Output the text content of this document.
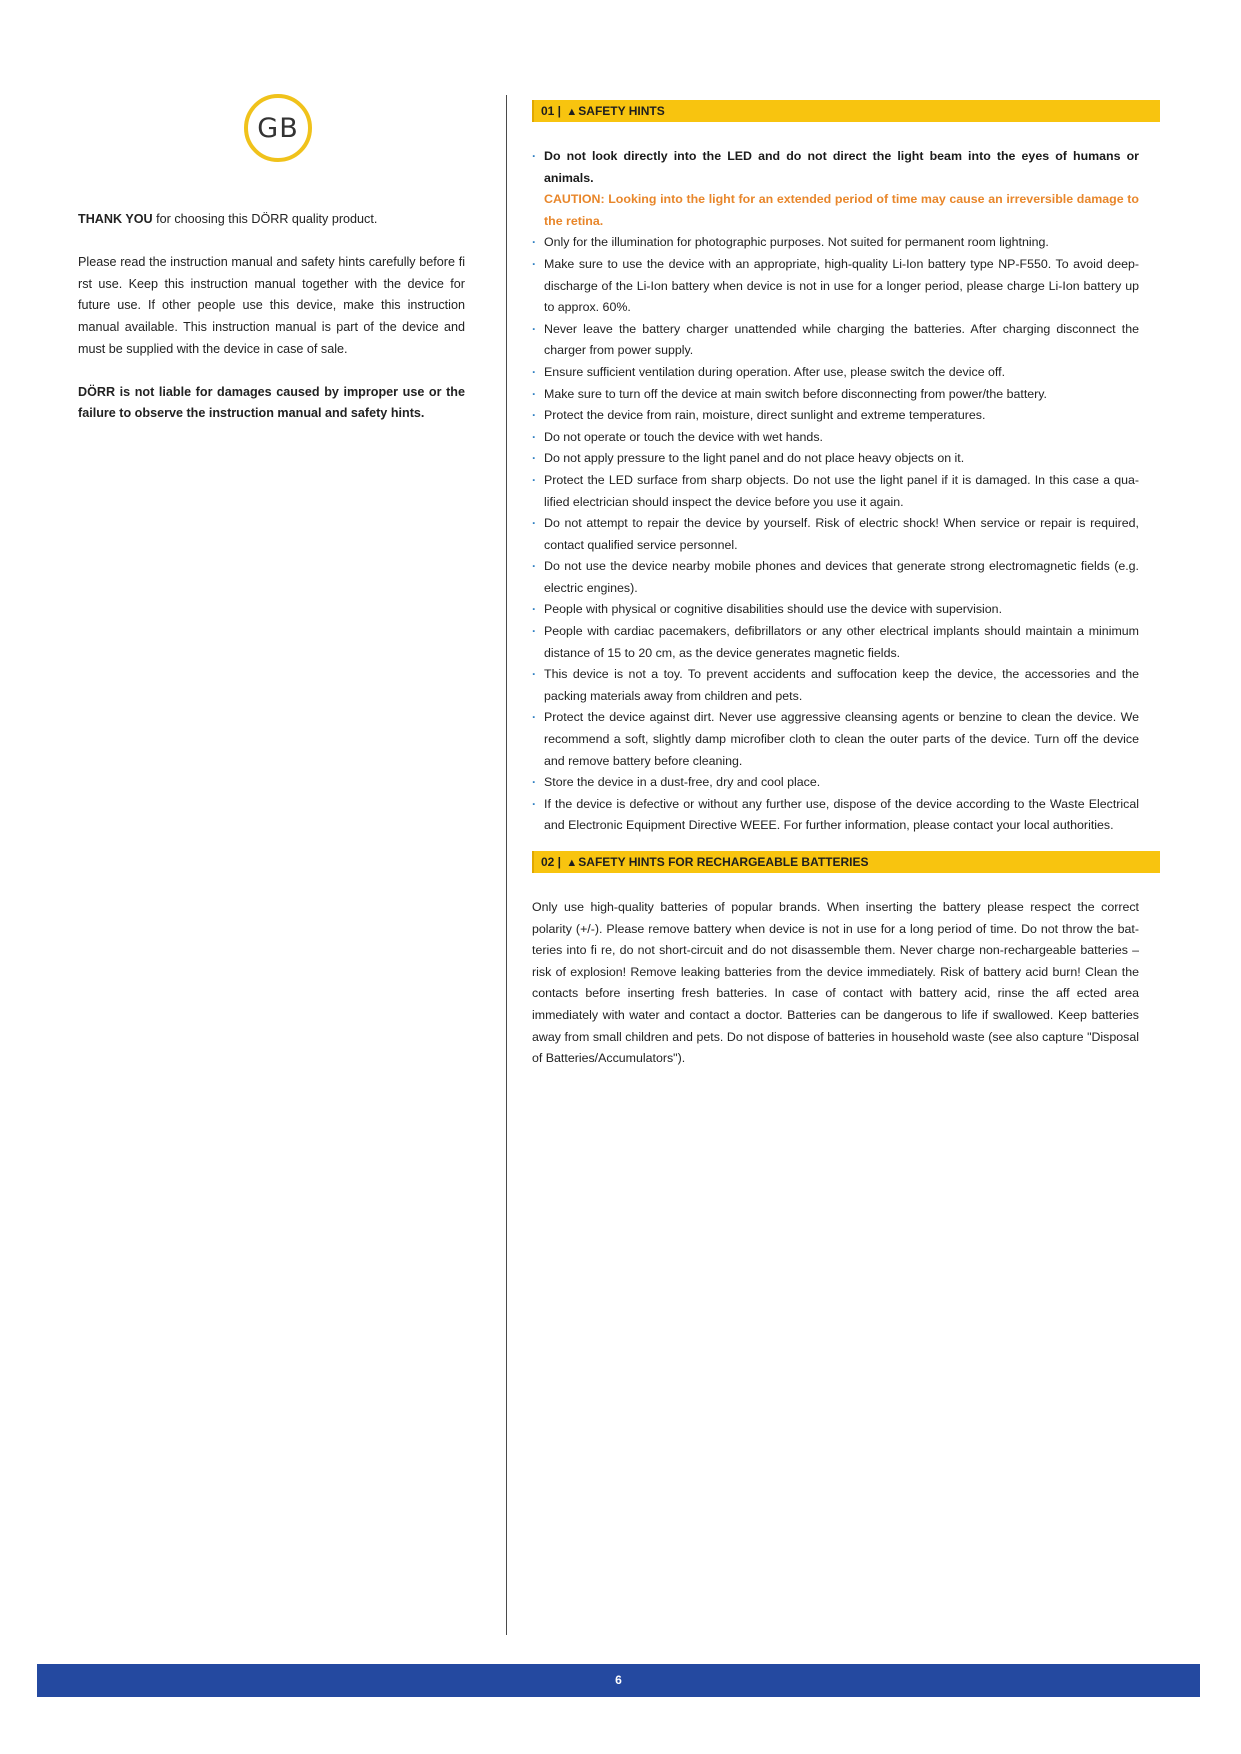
GB

THANK YOU for choosing this DÖRR quality product.

Please read the instruction manual and safety hints carefully before fi rst use. Keep this instruction manual together with the device for future use. If other people use this device, make this instruction manual available. This instruction manual is part of the device and must be supplied with the device in case of sale.

DÖRR is not liable for damages caused by improper use or the failure to observe the instruction manual and safety hints.

01 | ▲SAFETY HINTS
· Do not look directly into the LED and do not direct the light beam into the eyes of humans or animals.
CAUTION: Looking into the light for an extended period of time may cause an irreversible damage to the retina.
· Only for the illumination for photographic purposes. Not suited for permanent room lightning.
· Make sure to use the device with an appropriate, high-quality Li-Ion battery type NP-F550. To avoid deep-discharge of the Li-Ion battery when device is not in use for a longer period, please charge Li-Ion battery up to approx. 60%.
· Never leave the battery charger unattended while charging the batteries. After charging disconnect the charger from power supply.
· Ensure sufficient ventilation during operation. After use, please switch the device off.
· Make sure to turn off the device at main switch before disconnecting from power/the battery.
· Protect the device from rain, moisture, direct sunlight and extreme temperatures.
· Do not operate or touch the device with wet hands.
· Do not apply pressure to the light panel and do not place heavy objects on it.
· Protect the LED surface from sharp objects. Do not use the light panel if it is damaged. In this case a qua-lified electrician should inspect the device before you use it again.
· Do not attempt to repair the device by yourself. Risk of electric shock! When service or repair is required, contact qualified service personnel.
· Do not use the device nearby mobile phones and devices that generate strong electromagnetic fields (e.g. electric engines).
· People with physical or cognitive disabilities should use the device with supervision.
· People with cardiac pacemakers, defibrillators or any other electrical implants should maintain a minimum distance of 15 to 20 cm, as the device generates magnetic fields.
· This device is not a toy. To prevent accidents and suffocation keep the device, the accessories and the packing materials away from children and pets.
· Protect the device against dirt. Never use aggressive cleansing agents or benzine to clean the device. We recommend a soft, slightly damp microfiber cloth to clean the outer parts of the device. Turn off the device and remove battery before cleaning.
· Store the device in a dust-free, dry and cool place.
· If the device is defective or without any further use, dispose of the device according to the Waste Electrical and Electronic Equipment Directive WEEE. For further information, please contact your local authorities.
02 | ▲SAFETY HINTS FOR RECHARGEABLE BATTERIES

Only use high-quality batteries of popular brands. When inserting the battery please respect the correct polarity (+/-). Please remove battery when device is not in use for a long period of time. Do not throw the bat-teries into fi re, do not short-circuit and do not disassemble them. Never charge non-rechargeable batteries – risk of explosion! Remove leaking batteries from the device immediately. Risk of battery acid burn! Clean the contacts before inserting fresh batteries. In case of contact with battery acid, rinse the aff ected area immediately with water and contact a doctor. Batteries can be dangerous to life if swallowed. Keep batteries away from small children and pets. Do not dispose of batteries in household waste (see also capture "Disposal of Batteries/Accumulators").

6
